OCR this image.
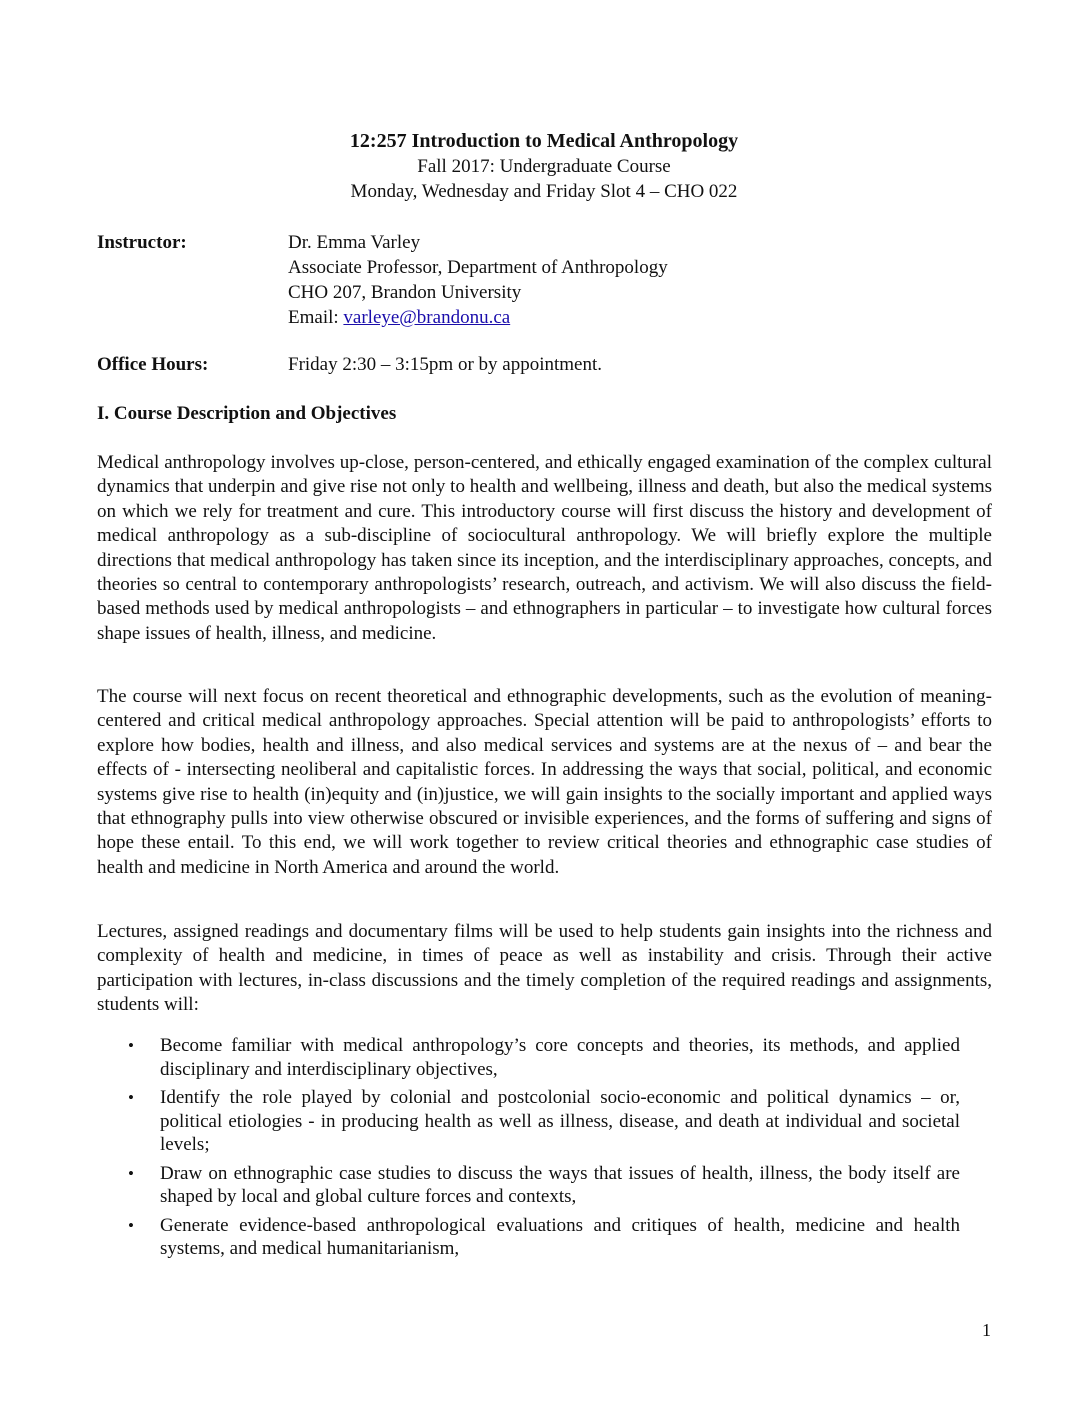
12:257 Introduction to Medical Anthropology
Fall 2017: Undergraduate Course
Monday, Wednesday and Friday Slot 4 – CHO 022
Instructor:	Dr. Emma Varley
Associate Professor, Department of Anthropology
CHO 207, Brandon University
Email: varleye@brandonu.ca
Office Hours:	Friday 2:30 – 3:15pm or by appointment.
I. Course Description and Objectives

Medical anthropology involves up-close, person-centered, and ethically engaged examination of the complex cultural dynamics that underpin and give rise not only to health and wellbeing, illness and death, but also the medical systems on which we rely for treatment and cure. This introductory course will first discuss the history and development of medical anthropology as a sub-discipline of sociocultural anthropology. We will briefly explore the multiple directions that medical anthropology has taken since its inception, and the interdisciplinary approaches, concepts, and theories so central to contemporary anthropologists’ research, outreach, and activism. We will also discuss the field-based methods used by medical anthropologists – and ethnographers in particular – to investigate how cultural forces shape issues of health, illness, and medicine.

The course will next focus on recent theoretical and ethnographic developments, such as the evolution of meaning-centered and critical medical anthropology approaches. Special attention will be paid to anthropologists’ efforts to explore how bodies, health and illness, and also medical services and systems are at the nexus of – and bear the effects of - intersecting neoliberal and capitalistic forces. In addressing the ways that social, political, and economic systems give rise to health (in)equity and (in)justice, we will gain insights to the socially important and applied ways that ethnography pulls into view otherwise obscured or invisible experiences, and the forms of suffering and signs of hope these entail. To this end, we will work together to review critical theories and ethnographic case studies of health and medicine in North America and around the world.

Lectures, assigned readings and documentary films will be used to help students gain insights into the richness and complexity of health and medicine, in times of peace as well as instability and crisis. Through their active participation with lectures, in-class discussions and the timely completion of the required readings and assignments, students will:

• Become familiar with medical anthropology’s core concepts and theories, its methods, and applied disciplinary and interdisciplinary objectives,
• Identify the role played by colonial and postcolonial socio-economic and political dynamics – or, political etiologies - in producing health as well as illness, disease, and death at individual and societal levels;
• Draw on ethnographic case studies to discuss the ways that issues of health, illness, the body itself are shaped by local and global culture forces and contexts,
• Generate evidence-based anthropological evaluations and critiques of health, medicine and health systems, and medical humanitarianism,
1
